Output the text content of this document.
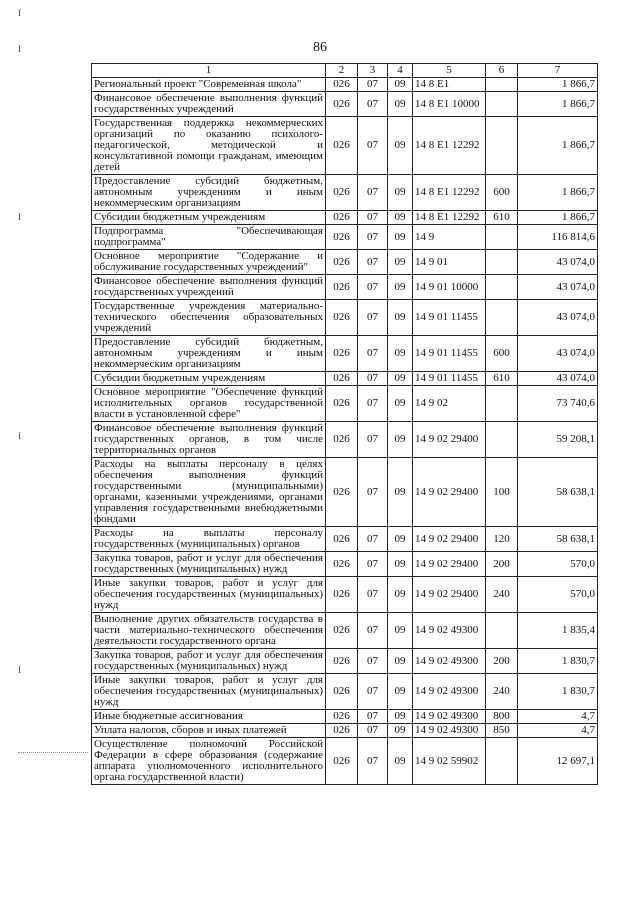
86
I
I
I
I
I
1	2	3	4	5	6	7
Региональный проект "Современная школа"	026	07	09	14 8 E1		1 866,7
Финансовое обеспечение выполнения функций государственных учреждений	026	07	09	14 8 E1 10000		1 866,7
Государственная поддержка некоммерческих организаций по оказанию психолого-педагогической, методической и консультативной помощи гражданам, имеющим детей	026	07	09	14 8 E1 12292		1 866,7
Предоставление субсидий бюджетным, автономным учреждениям и иным некоммерческим организациям	026	07	09	14 8 E1 12292	600	1 866,7
Субсидии бюджетным учреждениям	026	07	09	14 8 E1 12292	610	1 866,7
Подпрограмма "Обеспечивающая подпрограмма"	026	07	09	14 9		116 814,6
Основное мероприятие "Содержание и обслуживание государственных учреждений"	026	07	09	14 9 01		43 074,0
Финансовое обеспечение выполнения функций государственных учреждений	026	07	09	14 9 01 10000		43 074,0
Государственные учреждения материально-технического обеспечения образовательных учреждений	026	07	09	14 9 01 11455		43 074,0
Предоставление субсидий бюджетным, автономным учреждениям и иным некоммерческим организациям	026	07	09	14 9 01 11455	600	43 074,0
Субсидии бюджетным учреждениям	026	07	09	14 9 01 11455	610	43 074,0
Основное мероприятие "Обеспечение функций исполнительных органов государственной власти в установленной сфере"	026	07	09	14 9 02		73 740,6
Финансовое обеспечение выполнения функций государственных органов, в том числе территориальных органов	026	07	09	14 9 02 29400		59 208,1
Расходы на выплаты персоналу в целях обеспечения выполнения функций государственными (муниципальными) органами, казенными учреждениями, органами управления государственными внебюджетными фондами	026	07	09	14 9 02 29400	100	58 638,1
Расходы на выплаты персоналу государственных (муниципальных) органов	026	07	09	14 9 02 29400	120	58 638,1
Закупка товаров, работ и услуг для обеспечения государственных (муниципальных) нужд	026	07	09	14 9 02 29400	200	570,0
Иные закупки товаров, работ и услуг для обеспечения государственных (муниципальных) нужд	026	07	09	14 9 02 29400	240	570,0
Выполнение других обязательств государства в части материально-технического обеспечения деятельности государственного органа	026	07	09	14 9 02 49300		1 835,4
Закупка товаров, работ и услуг для обеспечения государственных (муниципальных) нужд	026	07	09	14 9 02 49300	200	1 830,7
Иные закупки товаров, работ и услуг для обеспечения государственных (муниципальных) нужд	026	07	09	14 9 02 49300	240	1 830,7
Иные бюджетные ассигнования	026	07	09	14 9 02 49300	800	4,7
Уплата налогов, сборов и иных платежей	026	07	09	14 9 02 49300	850	4,7
Осуществление полномочий Российской Федерации в сфере образования (содержание аппарата уполномоченного исполнительного органа государственной власти)	026	07	09	14 9 02 59902		12 697,1
